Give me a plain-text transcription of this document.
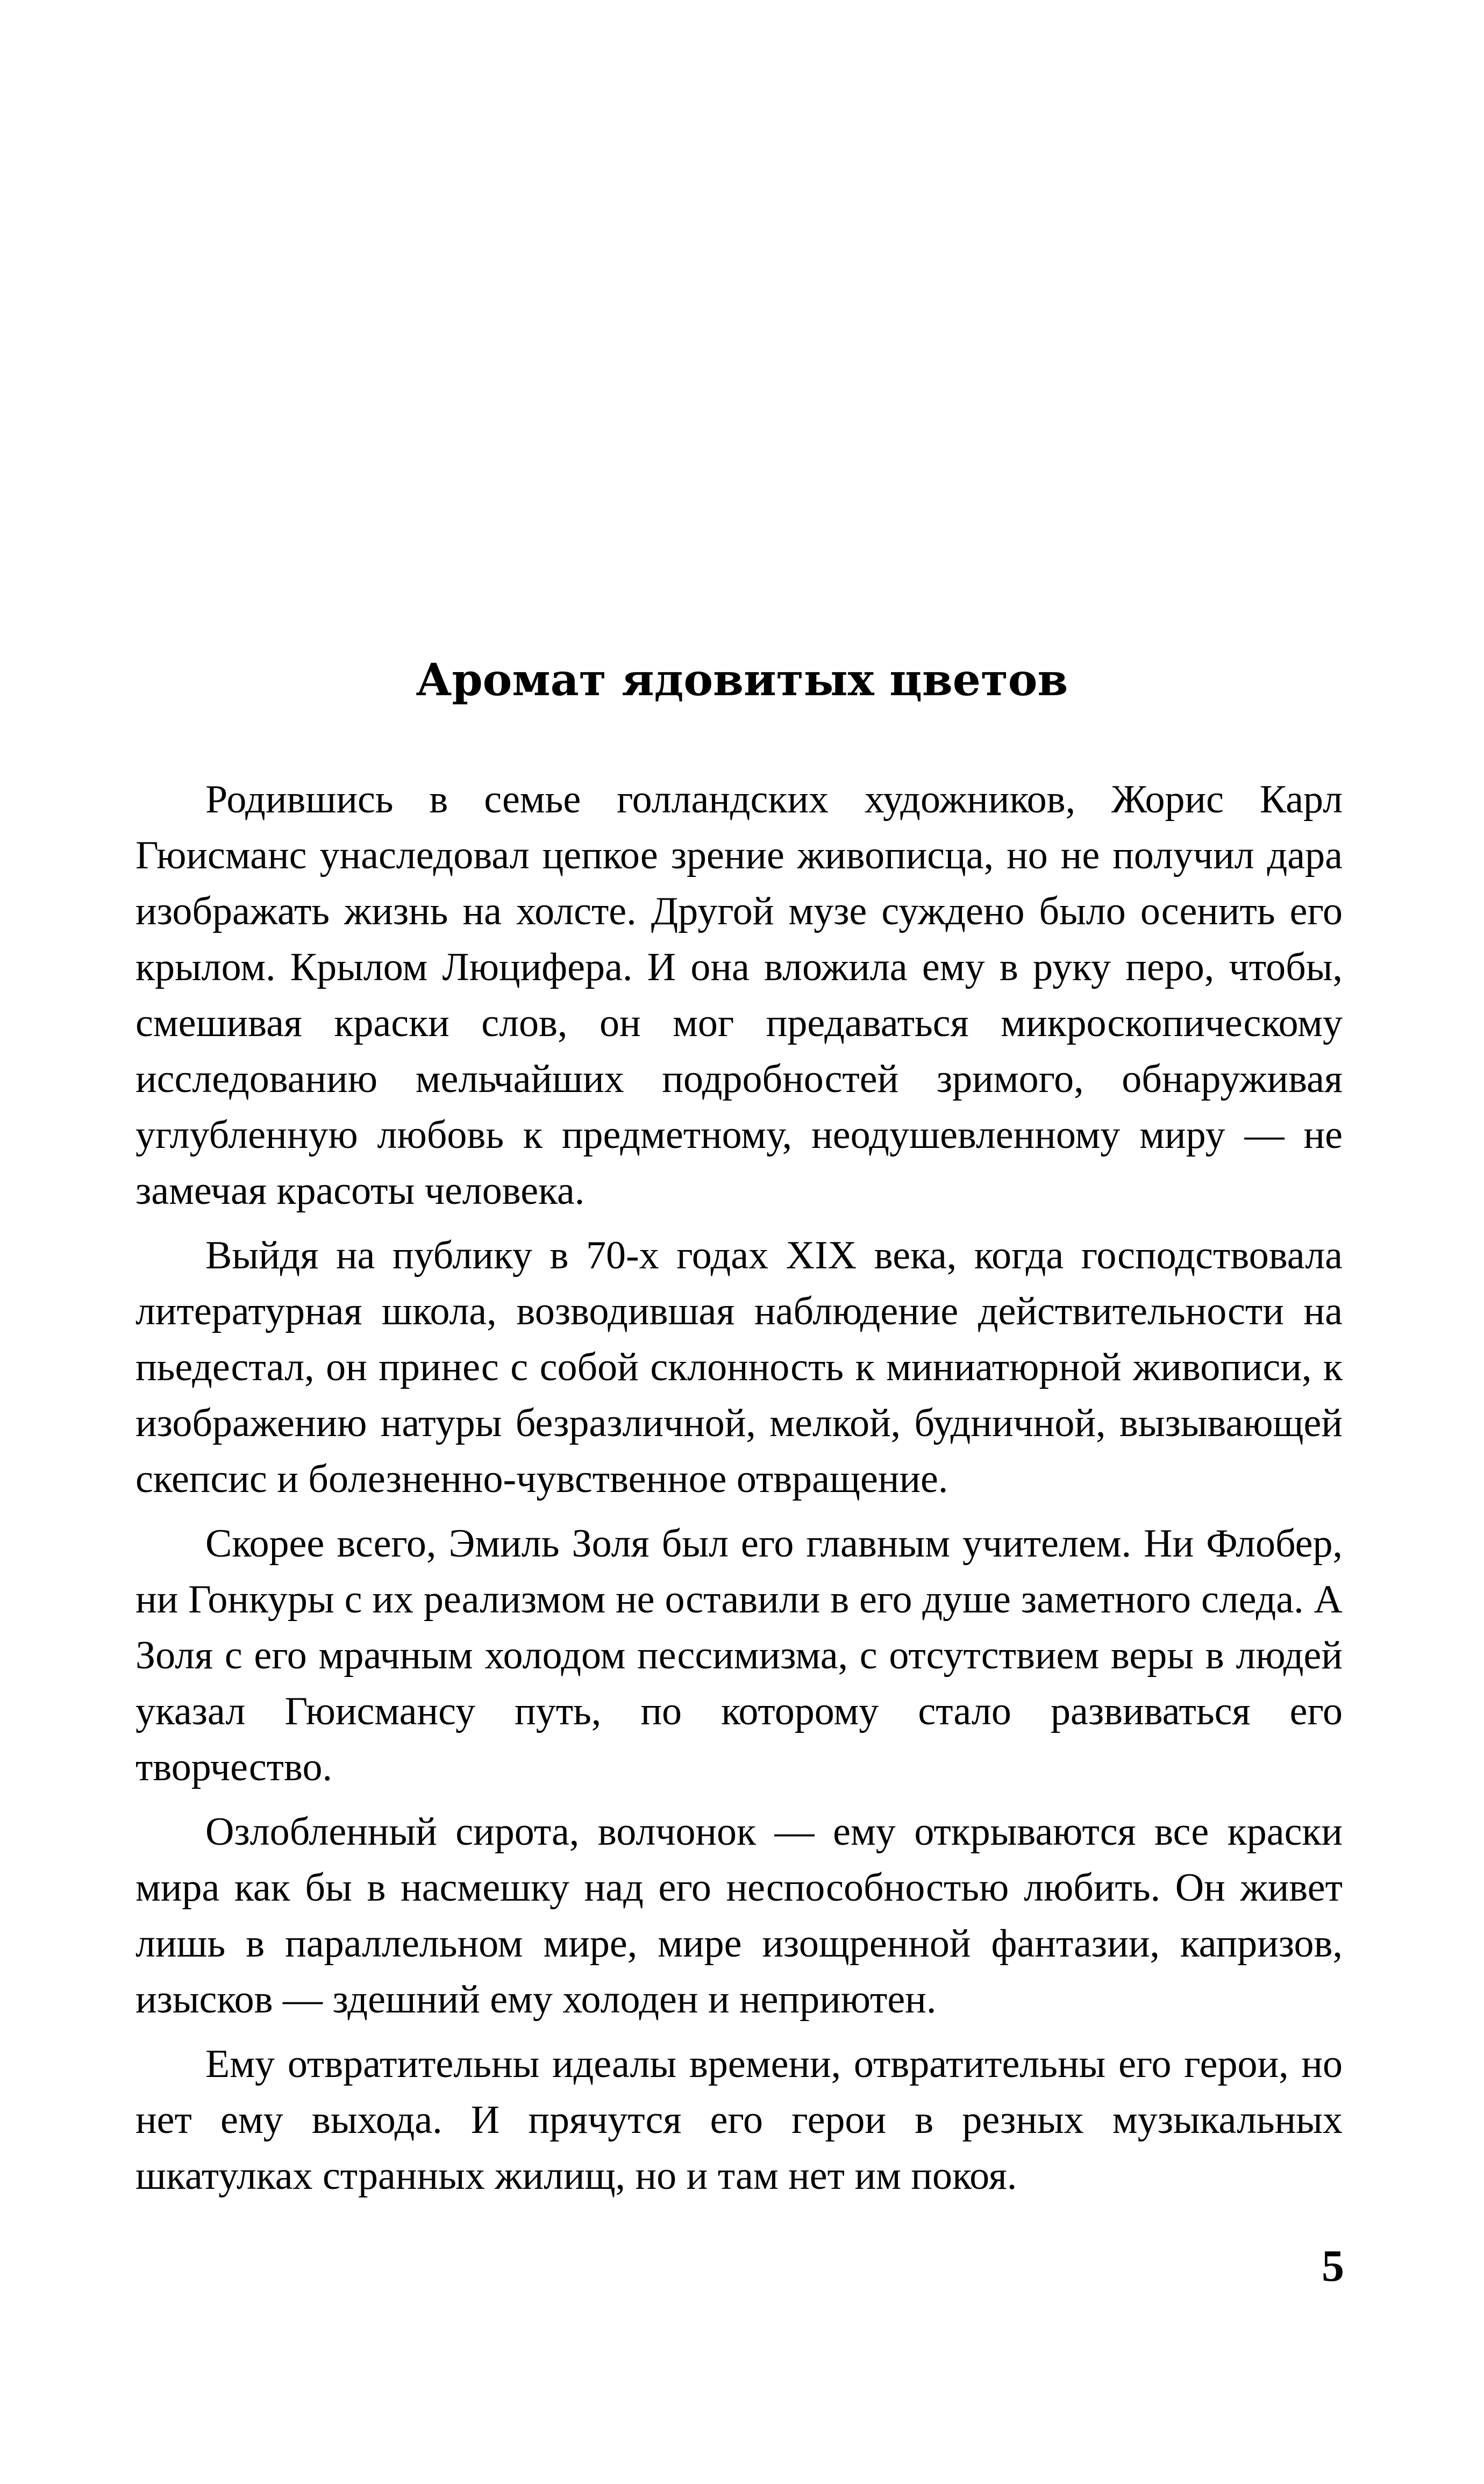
Аромат ядовитых цветов

Родившись в семье голландских художников, Жорис Карл Гюисманс унаследовал цепкое зрение живописца, но не получил дара изображать жизнь на холсте. Другой музе суждено было осенить его крылом. Крылом Люцифера. И она вложила ему в руку перо, чтобы, смешивая краски слов, он мог предаваться микроскопическому исследованию мельчайших подробностей зримого, обнаруживая углубленную любовь к предметному, неодушевленному миру — не замечая красоты человека.

Выйдя на публику в 70-х годах XIX века, когда господствовала литературная школа, возводившая наблюдение действительности на пьедестал, он принес с собой склонность к миниатюрной живописи, к изображению натуры безразличной, мелкой, будничной, вызывающей скепсис и болезненно-чувственное отвращение.

Скорее всего, Эмиль Золя был его главным учителем. Ни Флобер, ни Гонкуры с их реализмом не оставили в его душе заметного следа. А Золя с его мрачным холодом пессимизма, с отсутствием веры в людей указал Гюисмансу путь, по которому стало развиваться его творчество.

Озлобленный сирота, волчонок — ему открываются все краски мира как бы в насмешку над его неспособностью любить. Он живет лишь в параллельном мире, мире изощренной фантазии, капризов, изысков — здешний ему холоден и неприютен.

Ему отвратительны идеалы времени, отвратительны его герои, но нет ему выхода. И прячутся его герои в резных музыкальных шкатулках странных жилищ, но и там нет им покоя.

5
